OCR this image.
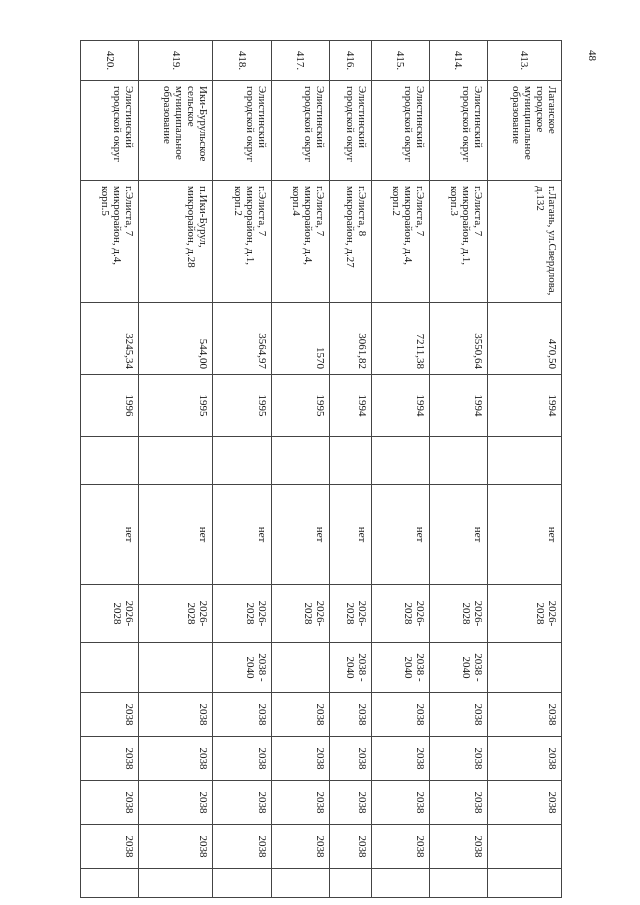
48
413.	Лаганское городское муниципальное образование	г.Лагань, ул.Свердлова, д.132	470,50	1994		нет	2026-2028		2038	2038	2038		
414.	Элистинский городской округ	г.Элиста, 7 микрорайон, д.1, корп.3	3550,64	1994		нет	2026-2028	2038 - 2040	2038	2038	2038	2038	
415.	Элистинский городской округ	г.Элиста, 7 микрорайон, д.4, корп.2	7211,38	1994		нет	2026-2028	2038 - 2040	2038	2038	2038	2038	
416.	Элистинский городской округ	г.Элиста, 8 микрорайон, д.27	3061,82	1994		нет	2026-2028	2038 - 2040	2038	2038	2038	2038	
417.	Элистинский городской округ	г.Элиста, 7 микрорайон, д.4, корп.4	1570	1995		нет	2026-2028		2038	2038	2038	2038	
418.	Элистинский городской округ	г.Элиста, 7 микрорайон, д.1, корп.2	3564,97	1995		нет	2026-2028	2038 - 2040	2038	2038	2038	2038	
419.	Ики-Бурульское сельское муниципальное образование	п.Ики-Бурул, микрорайон, д.28	544,00	1995		нет	2026-2028		2038	2038	2038	2038	
420.	Элистинский городской округ	г.Элиста, 7 микрорайон, д.4, корп.5	3245,34	1996		нет	2026-2028		2038	2038	2038	2038	
